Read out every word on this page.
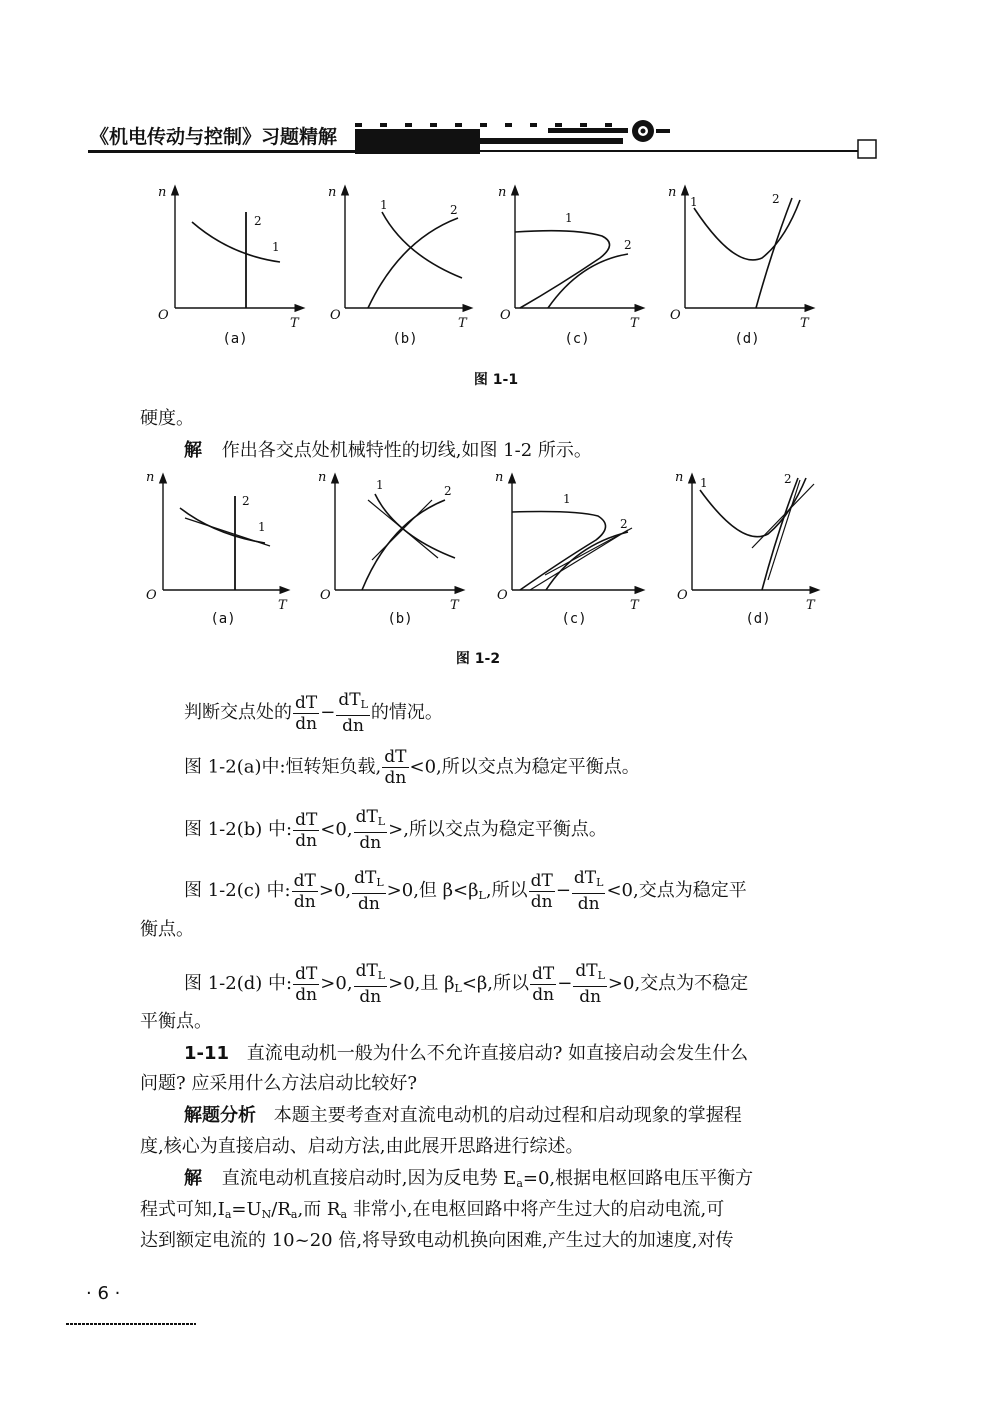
《机电传动与控制》习题精解
n
T
O
1
2
(a)
n
T
O
1	2
(b)
n
T
O
1
2
(c)
n
T
O
1	2
(d)
图 1-1
硬度。
解 作出各交点处机械特性的切线,如图 1-2 所示。
n
T
O
1
2
(a)
n
T
O
1	2
(b)
n
T
O
1
2
(c)
n
T
O
1	2
(d)
图 1-2
判断交点处的 $\frac{dT}{dn} - \frac{dT_L}{dn}$ 的情况。
图 1-2(a)中:恒转矩负载, $\frac{dT}{dn} <0$,所以交点为稳定平衡点。
图 1-2(b) 中: $\frac{dT}{dn} <0$, $\frac{dT_L}{dn}$ >,所以交点为稳定平衡点。
图 1-2(c) 中: $\frac{dT}{dn} >0$, $\frac{dT_L}{dn} >0$,但 $\beta<\beta_L$,所以 $\frac{dT}{dn} - \frac{dT_L}{dn} <0$,交点为稳定平
衡点。
图 1-2(d) 中: $\frac{dT}{dn} >0$, $\frac{dT_L}{dn} >0$,且 $\beta_L<\beta$,所以 $\frac{dT}{dn} - \frac{dT_L}{dn} >0$,交点为不稳定
平衡点。
1-11 直流电动机一般为什么不允许直接启动? 如直接启动会发生什么
问题? 应采用什么方法启动比较好?
解题分析 本题主要考查对直流电动机的启动过程和启动现象的掌握程
度,核心为直接启动、启动方法,由此展开思路进行综述。
解 直流电动机直接启动时,因为反电势 $E_a=0$,根据电枢回路电压平衡方
程式可知$,I_a=U_N/R_a$,而 $R_a$ 非常小,在电枢回路中将产生过大的启动电流,可
达到额定电流的 10~20 倍,将导致电动机换向困难,产生过大的加速度,对传
· 6 ·
